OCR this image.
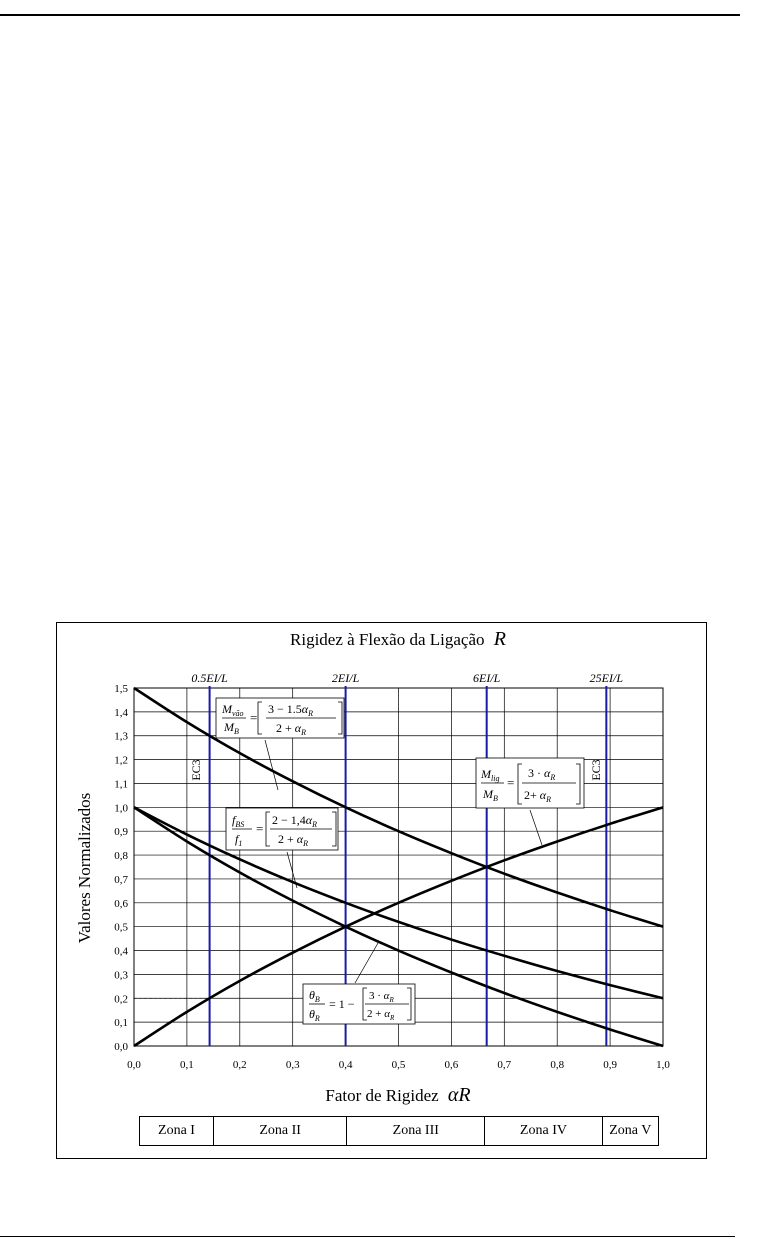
0.5EI/L	2EI/L	6EI/L	25EI/L
0,0
0,1
0,2
0,3
0,4
0,5
0,6
0,7
0,8
0,9
1,0
1,1
1,2
1,3
1,4
1,5
0,0	0,1	0,2	0,3	0,4	0,5	0,6	0,7	0,8	0,9	1,0
Rigidez à Flexão da Ligação R
Fator de Rigidez αR
Valores Normalizados
$M_{vão}$
$M_B$
=
$3 - 1.5\alpha_R$
$2 + \alpha_R$
$f_{BS}$
$f_1$
=
$2 - 1,4\alpha_R$
$2 + \alpha_R$
$M_{lig}$
$M_B$
=
$3 \cdot \alpha_R$
$2+ \alpha_R$
$\theta_B$
$\theta_R$
= 1 −
$3 \cdot \alpha_R$
$2 + \alpha_R$
EC3	EC3
Zona I	Zona II	Zona III	Zona IV	Zona V
